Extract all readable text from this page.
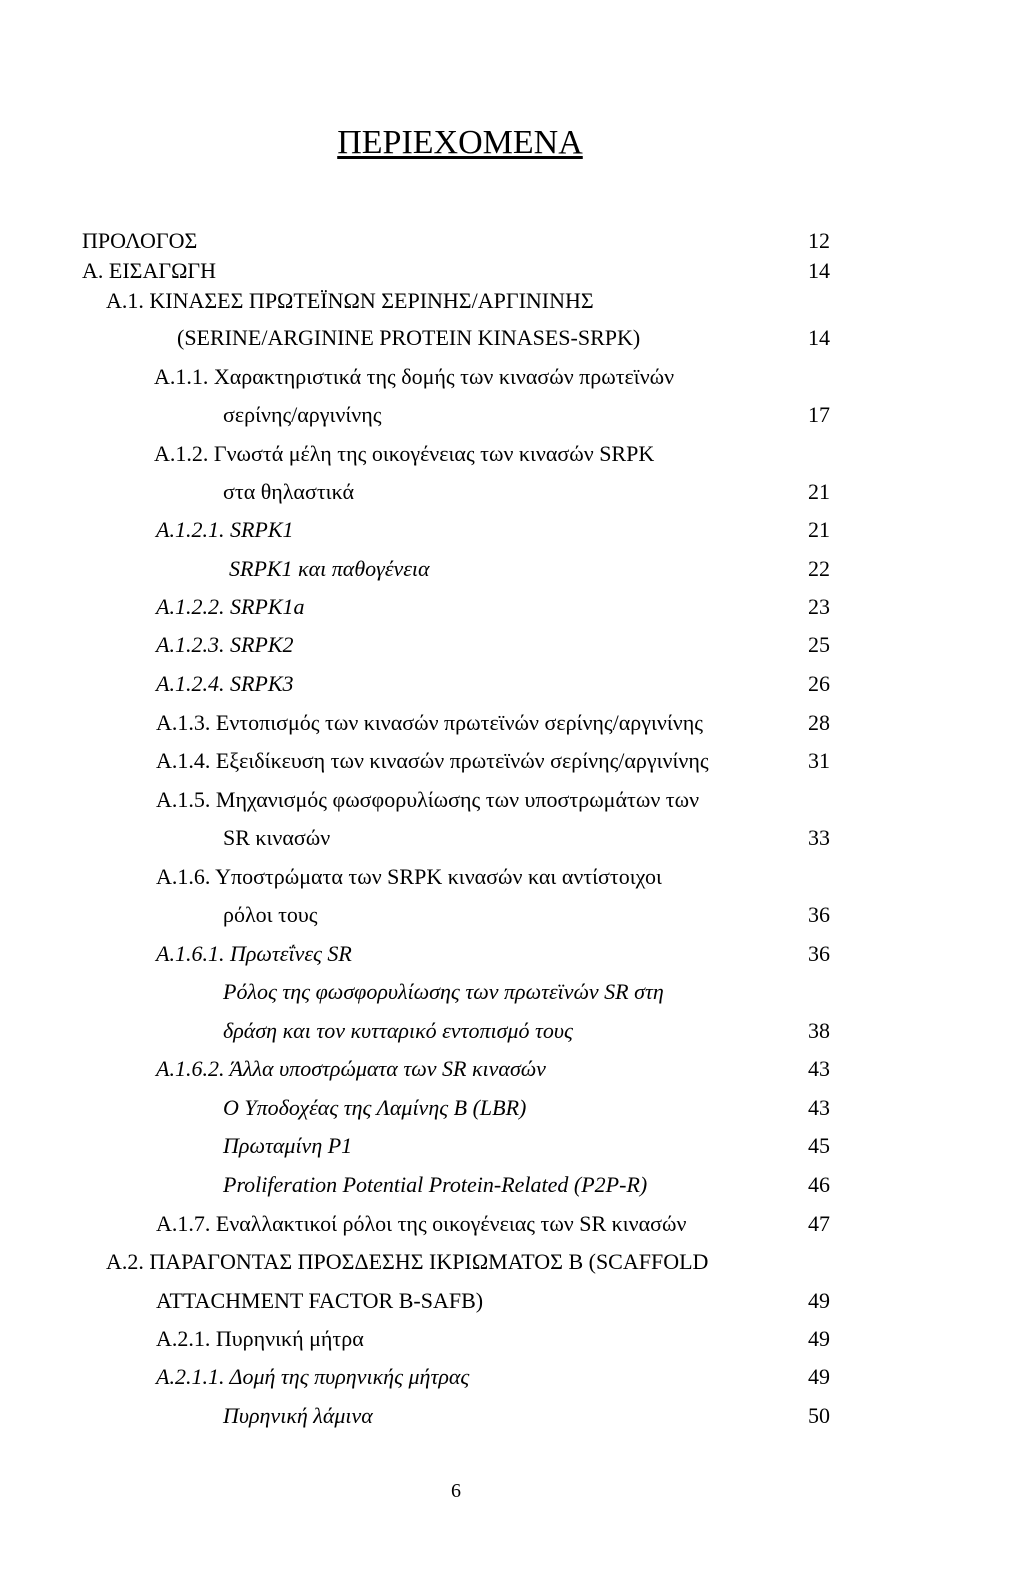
ΠΕΡΙΕΧΟΜΕΝΑ
ΠΡΟΛΟΓΟΣ	12
Α. ΕΙΣΑΓΩΓΗ	14
Α.1. ΚΙΝΑΣΕΣ ΠΡΩΤΕΪΝΩΝ ΣΕΡΙΝΗΣ/ΑΡΓΙΝΙΝΗΣ
(SERINE/ARGININE PROTEIN KINASES-SRPK)	14
Α.1.1. Χαρακτηριστικά της δομής των κινασών πρωτεϊνών
σερίνης/αργινίνης	17
Α.1.2. Γνωστά μέλη της οικογένειας των κινασών SRPK
στα θηλαστικά	21
Α.1.2.1. SRPK1	21
SRPK1 και παθογένεια	22
Α.1.2.2. SRPK1a	23
Α.1.2.3. SRPK2	25
Α.1.2.4. SRPK3	26
Α.1.3. Εντοπισμός των κινασών πρωτεϊνών σερίνης/αργινίνης	28
Α.1.4. Εξειδίκευση των κινασών πρωτεϊνών σερίνης/αργινίνης	31
Α.1.5. Μηχανισμός φωσφορυλίωσης των υποστρωμάτων των
SR κινασών	33
Α.1.6. Υποστρώματα των SRPK κινασών και αντίστοιχοι
ρόλοι τους	36
Α.1.6.1. Πρωτεΐνες SR	36
Ρόλος της φωσφορυλίωσης των πρωτεϊνών SR στη
δράση και τον κυτταρικό εντοπισμό τους	38
Α.1.6.2. Άλλα υποστρώματα των SR κινασών	43
Ο Υποδοχέας της Λαμίνης Β (LBR)	43
Πρωταμίνη Ρ1	45
Proliferation Potential Protein-Related (P2P-R)	46
Α.1.7. Εναλλακτικοί ρόλοι της οικογένειας των SR κινασών	47
Α.2. ΠΑΡΑΓΟΝΤΑΣ ΠΡΟΣΔΕΣΗΣ ΙΚΡΙΩΜΑΤΟΣ Β (SCAFFOLD
ATTACHMENT FACTOR B-SAFB)	49
Α.2.1. Πυρηνική μήτρα	49
Α.2.1.1. Δομή της πυρηνικής μήτρας	49
Πυρηνική λάμινα	50
6
